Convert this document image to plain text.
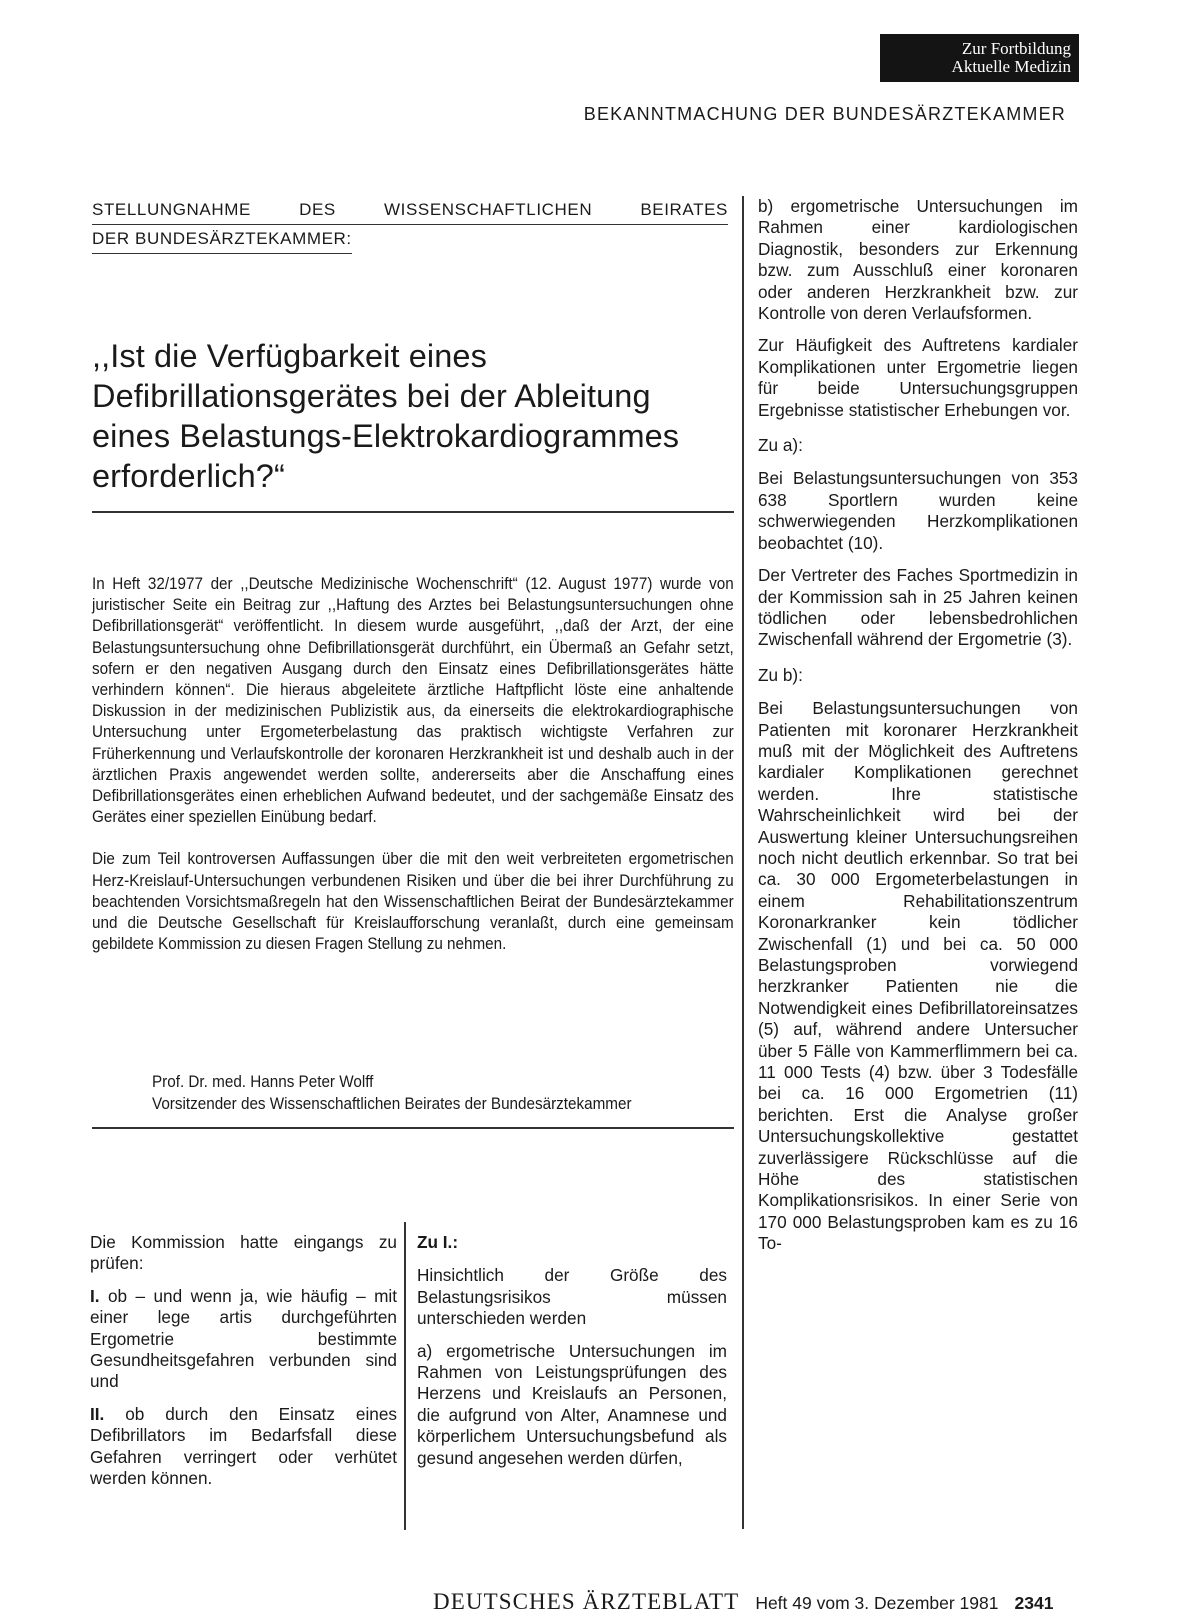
Zur Fortbildung
Aktuelle Medizin
BEKANNTMACHUNG DER BUNDESÄRZTEKAMMER
STELLUNGNAHME	DES	WISSENSCHAFTLICHEN	BEIRATES
DER BUNDESÄRZTEKAMMER:
,,Ist die Verfügbarkeit eines
Defibrillationsgerätes bei der Ableitung
eines Belastungs-Elektrokardiogrammes
erforderlich?“

In Heft 32/1977 der ,,Deutsche Medizinische Wochenschrift“ (12. August 1977) wurde von juristischer Seite ein Beitrag zur ,,Haftung des Arztes bei Belastungsuntersuchungen ohne Defibrillationsgerät“ veröffentlicht. In diesem wurde ausgeführt, ,,daß der Arzt, der eine Belastungsuntersuchung ohne Defibrillationsgerät durchführt, ein Übermaß an Gefahr setzt, sofern er den negativen Ausgang durch den Einsatz eines Defibrillationsgerätes hätte verhindern können“. Die hieraus abgeleitete ärztliche Haftpflicht löste eine anhaltende Diskussion in der medizinischen Publizistik aus, da einerseits die elektrokardiographische Untersuchung unter Ergometerbelastung das praktisch wichtigste Verfahren zur Früherkennung und Verlaufskontrolle der koronaren Herzkrankheit ist und deshalb auch in der ärztlichen Praxis angewendet werden sollte, andererseits aber die Anschaffung eines Defibrillationsgerätes einen erheblichen Aufwand bedeutet, und der sachgemäße Einsatz des Gerätes einer speziellen Einübung bedarf.

Die zum Teil kontroversen Auffassungen über die mit den weit verbreiteten ergometrischen Herz-Kreislauf-Untersuchungen verbundenen Risiken und über die bei ihrer Durchführung zu beachtenden Vorsichtsmaßregeln hat den Wissenschaftlichen Beirat der Bundesärztekammer und die Deutsche Gesellschaft für Kreislaufforschung veranlaßt, durch eine gemeinsam gebildete Kommission zu diesen Fragen Stellung zu nehmen.

Prof. Dr. med. Hanns Peter Wolff
Vorsitzender des Wissenschaftlichen Beirates der Bundesärztekammer

Die Kommission hatte eingangs zu prüfen:

I. ob – und wenn ja, wie häufig – mit einer lege artis durchgeführten Ergometrie bestimmte Gesundheitsgefahren verbunden sind und

II. ob durch den Einsatz eines Defibrillators im Bedarfsfall diese Gefahren verringert oder verhütet werden können.

Zu I.:

Hinsichtlich der Größe des Belastungsrisikos müssen unterschieden werden

a) ergometrische Untersuchungen im Rahmen von Leistungsprüfungen des Herzens und Kreislaufs an Personen, die aufgrund von Alter, Anamnese und körperlichem Untersuchungsbefund als gesund angesehen werden dürfen,

b) ergometrische Untersuchungen im Rahmen einer kardiologischen Diagnostik, besonders zur Erkennung bzw. zum Ausschluß einer koronaren oder anderen Herzkrankheit bzw. zur Kontrolle von deren Verlaufsformen.

Zur Häufigkeit des Auftretens kardialer Komplikationen unter Ergometrie liegen für beide Untersuchungsgruppen Ergebnisse statistischer Erhebungen vor.

Zu a):

Bei Belastungsuntersuchungen von 353 638 Sportlern wurden keine schwerwiegenden Herzkomplikationen beobachtet (10).

Der Vertreter des Faches Sportmedizin in der Kommission sah in 25 Jahren keinen tödlichen oder lebensbedrohlichen Zwischenfall während der Ergometrie (3).

Zu b):

Bei Belastungsuntersuchungen von Patienten mit koronarer Herzkrankheit muß mit der Möglichkeit des Auftretens kardialer Komplikationen gerechnet werden. Ihre statistische Wahrscheinlichkeit wird bei der Auswertung kleiner Untersuchungsreihen noch nicht deutlich erkennbar. So trat bei ca. 30 000 Ergometerbelastungen in einem Rehabilitationszentrum Koronarkranker kein tödlicher Zwischenfall (1) und bei ca. 50 000 Belastungsproben vorwiegend herzkranker Patienten nie die Notwendigkeit eines Defibrillatoreinsatzes (5) auf, während andere Untersucher über 5 Fälle von Kammerflimmern bei ca. 11 000 Tests (4) bzw. über 3 Todesfälle bei ca. 16 000 Ergometrien (11) berichten. Erst die Analyse großer Untersuchungskollektive gestattet zuverlässigere Rückschlüsse auf die Höhe des statistischen Komplikationsrisikos. In einer Serie von 170 000 Belastungsproben kam es zu 16 To-

DEUTSCHES ÄRZTEBLATT Heft 49 vom 3. Dezember 1981 2341
